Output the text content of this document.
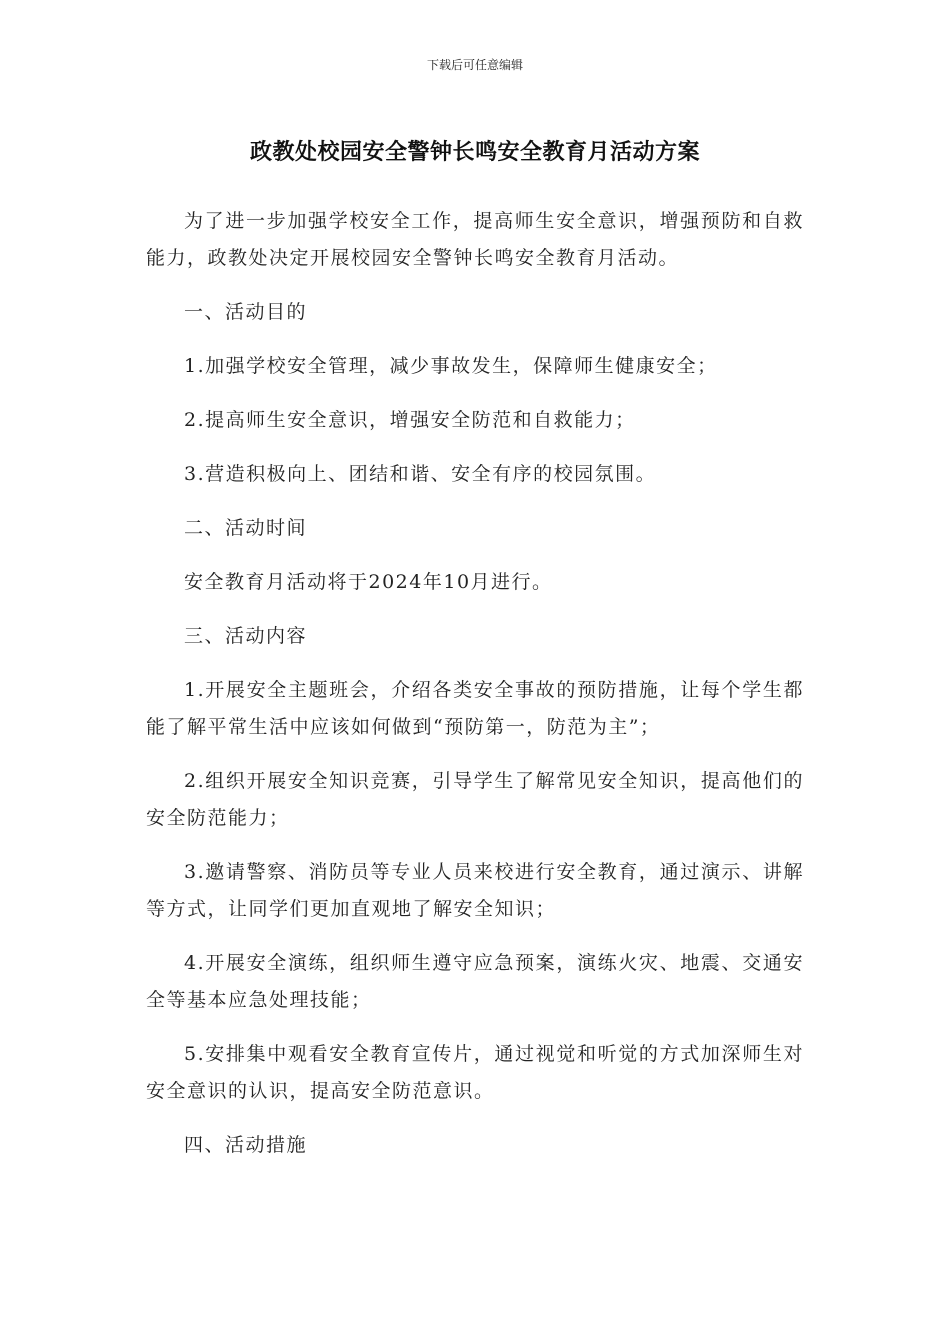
下载后可任意编辑
政教处校园安全警钟长鸣安全教育月活动方案

为了进一步加强学校安全工作，提高师生安全意识，增强预防和自救能力，政教处决定开展校园安全警钟长鸣安全教育月活动。

一、活动目的

1.加强学校安全管理，减少事故发生，保障师生健康安全；

2.提高师生安全意识，增强安全防范和自救能力；

3.营造积极向上、团结和谐、安全有序的校园氛围。

二、活动时间

安全教育月活动将于2024年10月进行。

三、活动内容

1.开展安全主题班会，介绍各类安全事故的预防措施，让每个学生都能了解平常生活中应该如何做到“预防第一，防范为主”；

2.组织开展安全知识竞赛，引导学生了解常见安全知识，提高他们的安全防范能力；

3.邀请警察、消防员等专业人员来校进行安全教育，通过演示、讲解等方式，让同学们更加直观地了解安全知识；

4.开展安全演练，组织师生遵守应急预案，演练火灾、地震、交通安全等基本应急处理技能；

5.安排集中观看安全教育宣传片，通过视觉和听觉的方式加深师生对安全意识的认识，提高安全防范意识。

四、活动措施
